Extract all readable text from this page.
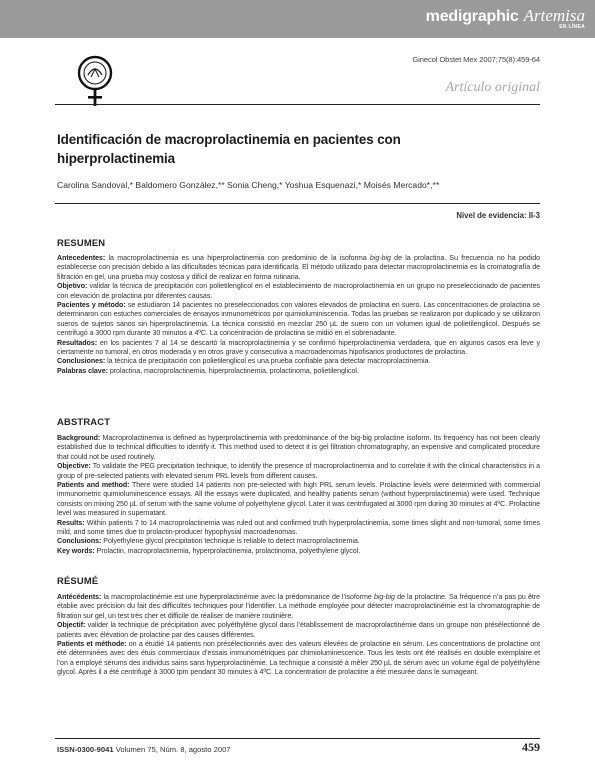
medigraphic Artemisa
EN LÍNEA
Ginecol Obstet Mex 2007;75(8):459-64
Artículo original
Identificación de macroprolactinemia en pacientes con hiperprolactinemia
Carolina Sandoval,* Baldomero González,** Sonia Cheng,* Yoshua Esquenazi,* Moisés Mercado*,**
Nivel de evidencia: II-3
RESUMEN

Antecedentes: la macroprolactinemia es una hiperprolactinemia con predominio de la isoforma big-big de la prolactina. Su frecuencia no ha podido establecerse con precisión debido a las dificultades técnicas para identificarla. El método utilizado para detectar macroprolactinemia es la cromatografía de filtración en gel, una prueba muy costosa y difícil de realizar en forma rutinaria.

Objetivo: validar la técnica de precipitación con polietilenglicol en el establecimiento de macroprolactinemia en un grupo no preseleccionado de pacientes con elevación de prolactina por diferentes causas.

Pacientes y método: se estudiaron 14 pacientes no preseleccionados con valores elevados de prolactina en suero. Las concentraciones de prolactina se determinaron con estuches comerciales de ensayos inmunométricos por quimioluminiscencia. Todas las pruebas se realizaron por duplicado y se utilizaron sueros de sujetos sanos sin hiperprolactinemia. La técnica consistió en mezclar 250 µL de suero con un volumen igual de polietilenglicol. Después se centrifugó a 3000 rpm durante 30 minutos a 4ºC. La concentración de prolactina se midió en el sobrenadante.

Resultados: en los pacientes 7 al 14 se descartó la macroprolactinemia y se confirmó hiperprolactinemia verdadera, que en algunos casos era leve y ciertamente no tumoral, en otros moderada y en otros grave y consecutiva a macroadenomas hipofisarios productores de prolactina.

Conclusiones: la técnica de precipitación con polietilenglicol es una prueba confiable para detectar macroprolactinemia.

Palabras clave: prolactina, macroprolactinemia, hiperprolactinemia, prolactinoma, polietilenglicol.

ABSTRACT

Background: Macroprolactinemia is defined as hyperprolactinemia with predominance of the big-big prolactine isoform. Its frequency has not been clearly established due to technical difficulties to identify it. This method used to detect it is gel filtration chromatography, an expensive and complicated procedure that could not be used routinely.

Objective: To validate the PEG precipitation technique, to identify the presence of macroprolactinemia and to correlate it with the clinical characteristics in a group of pre-selected patients with elevated serum PRL levels from different causes.

Patients and method: There were studied 14 patients non pre-selected with high PRL serum levels. Prolactine levels were determined with commercial immunometric quimioluminescence essays. All the essays were duplicated, and healthy patients serum (without hyperprolactinemia) were used. Technique consists on mixing 250 µL of serum with the same volume of polyethylene glycol. Later it was centrifugated at 3000 rpm during 30 minutes at 4ºC. Prolactine level was measured in supernatant.

Results: Within patients 7 to 14 macroprolactinemia was ruled out and confirmed truth hyperprolactinemia, some times slight and non-tumoral, some times mild, and some times due to prolactin-producer hypophysial macroadenomas.

Conclusions: Polyethylene glycol precipitation technique is reliable to detect macroprolactinemia.

Key words: Prolactin, macroprolactinemia, hyperprolactinemia, prolactinoma, polyethylene glycol.

RÉSUMÉ

Antécédents: la macroprolactinémie est une hyperprolactinémie avec la prédominance de l’isoforme big-big de la prolactine. Sa fréquence n’a pas pu être établie avec précision du fait des difficultés techniques pour l’identifier. La méthode employée pour détecter macroprolactinémie est la chromatographie de filtration sur gel, un test très cher et difficile de réaliser de manière routinière.

Objectif: valider la technique de précipitation avec polyéthylène glycol dans l’établissement de macroprolactinémie dans un groupe non présélectionné de patients avec élévation de prolactine par des causes différentes.

Patients et méthode: on a étudié 14 patients non présélectionnés avec des valeurs élevées de prolactine en sérum. Les concentrations de prolactine ont été déterminées avec des étuis commerciaux d’essais immunométriques par chimioluminescence. Tous les tests ont été réalisés en double exemplaire et l’on a employé sérums des individus sains sans hyperprolactinémie. La technique a consisté à mêler 250 µL de sérum avec un volume égal de polyéthylène glycol. Après il a été centrifugé à 3000 tpm pendant 30 minutes à 4ºC. La concentration de prolactine a été mesurée dans le surnageant.

ISSN-0300-9041 Volumen 75, Núm. 8, agosto 2007	459
